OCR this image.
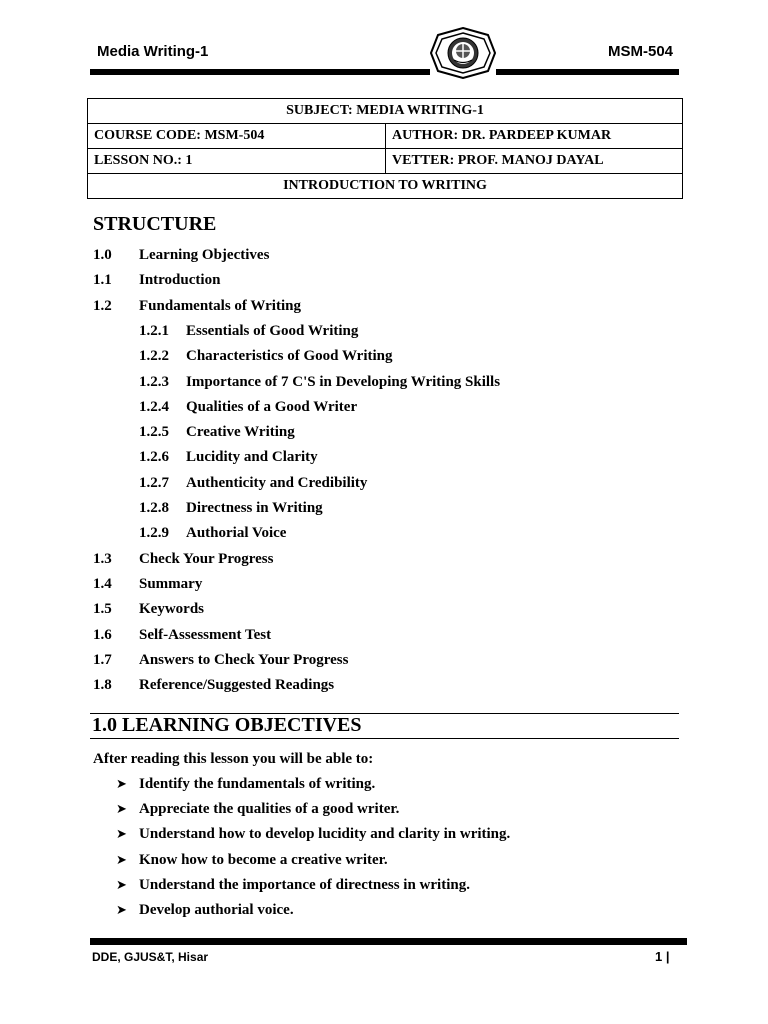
Media Writing-1	MSM-504
SUBJECT: MEDIA WRITING-1	
COURSE CODE: MSM-504	AUTHOR: DR. PARDEEP KUMAR
LESSON NO.: 1	VETTER: PROF. MANOJ DAYAL
INTRODUCTION TO WRITING	
STRUCTURE
1.0 Learning Objectives
1.1 Introduction
1.2 Fundamentals of Writing
1.2.1 Essentials of Good Writing
1.2.2 Characteristics of Good Writing
1.2.3 Importance of 7 C'S in Developing Writing Skills
1.2.4 Qualities of a Good Writer
1.2.5 Creative Writing
1.2.6 Lucidity and Clarity
1.2.7 Authenticity and Credibility
1.2.8 Directness in Writing
1.2.9 Authorial Voice
1.3 Check Your Progress
1.4 Summary
1.5 Keywords
1.6 Self-Assessment Test
1.7 Answers to Check Your Progress
1.8 Reference/Suggested Readings
1.0 LEARNING OBJECTIVES
After reading this lesson you will be able to:
➤ Identify the fundamentals of writing.
➤ Appreciate the qualities of a good writer.
➤ Understand how to develop lucidity and clarity in writing.
➤ Know how to become a creative writer.
➤ Understand the importance of directness in writing.
➤ Develop authorial voice.
DDE, GJUS&T, Hisar	1 |
